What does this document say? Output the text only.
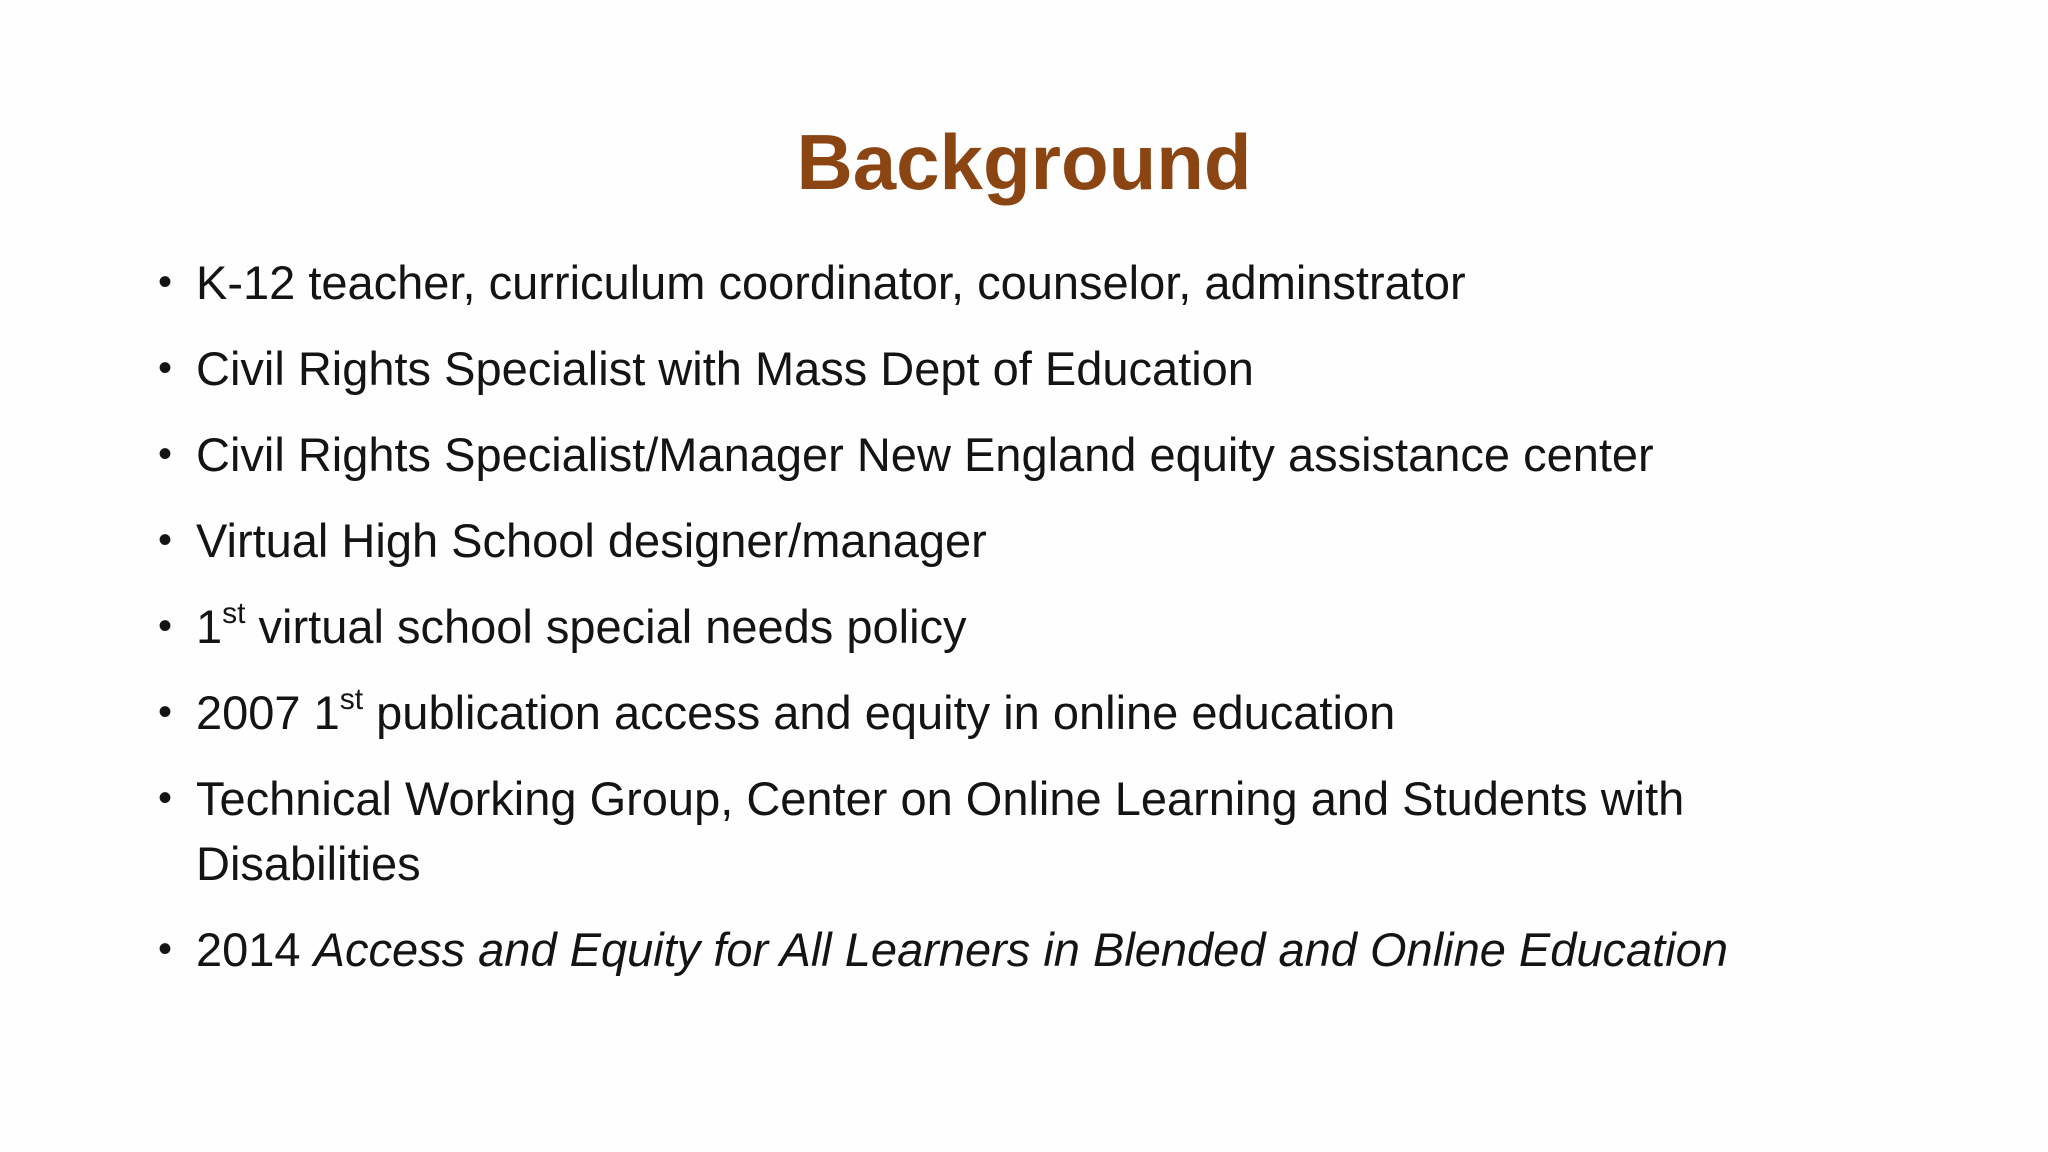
Background
• K-12 teacher, curriculum coordinator, counselor, adminstrator
• Civil Rights Specialist with Mass Dept of Education
• Civil Rights Specialist/Manager New England equity assistance center
• Virtual High School designer/manager
• 1st virtual school special needs policy
• 2007 1st publication access and equity in online education
• Technical Working Group, Center on Online Learning and Students with Disabilities
• 2014 Access and Equity for All Learners in Blended and Online Education
